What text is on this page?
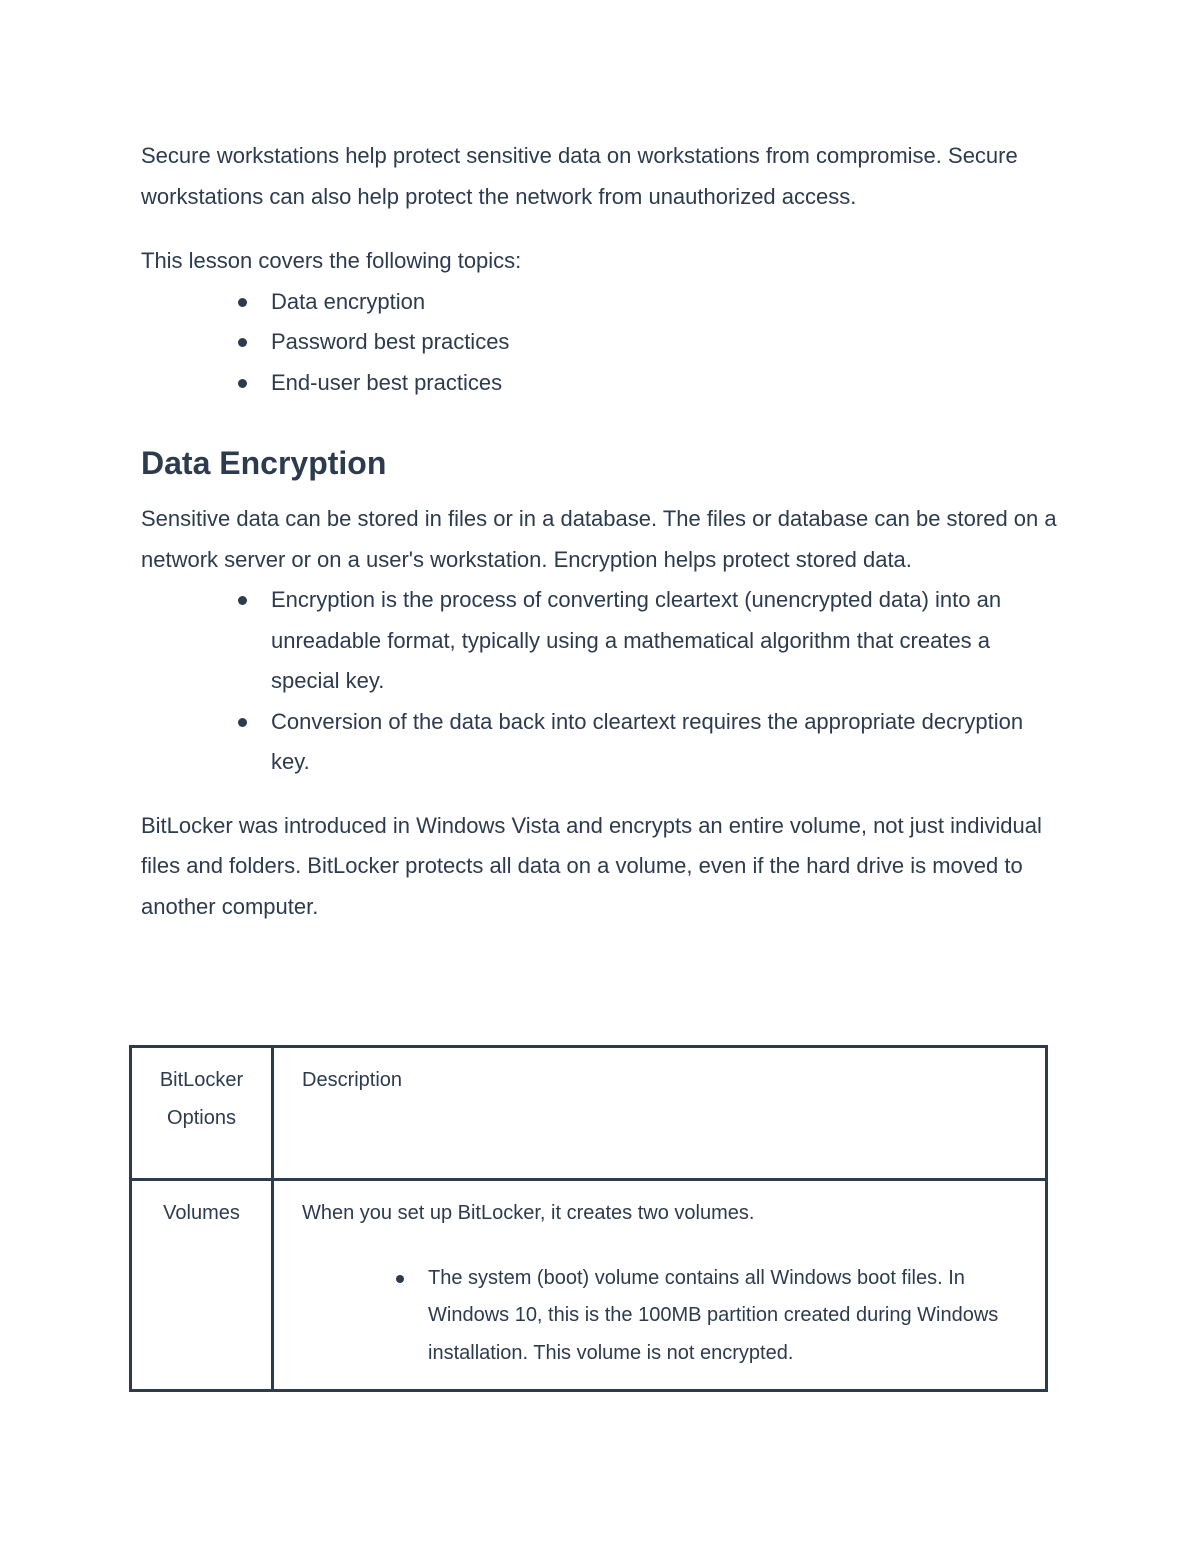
Secure workstations help protect sensitive data on workstations from compromise. Secure workstations can also help protect the network from unauthorized access.

This lesson covers the following topics:

Data encryption
Password best practices
End-user best practices
Data Encryption

Sensitive data can be stored in files or in a database. The files or database can be stored on a network server or on a user's workstation. Encryption helps protect stored data.

Encryption is the process of converting cleartext (unencrypted data) into an unreadable format, typically using a mathematical algorithm that creates a special key.
Conversion of the data back into cleartext requires the appropriate decryption key.

BitLocker was introduced in Windows Vista and encrypts an entire volume, not just individual files and folders. BitLocker protects all data on a volume, even if the hard drive is moved to another computer.

BitLocker Options
Description
Volumes	When you set up BitLocker, it creates two volumes.
The system (boot) volume contains all Windows boot files. In Windows 10, this is the 100MB partition created during Windows installation. This volume is not encrypted.
